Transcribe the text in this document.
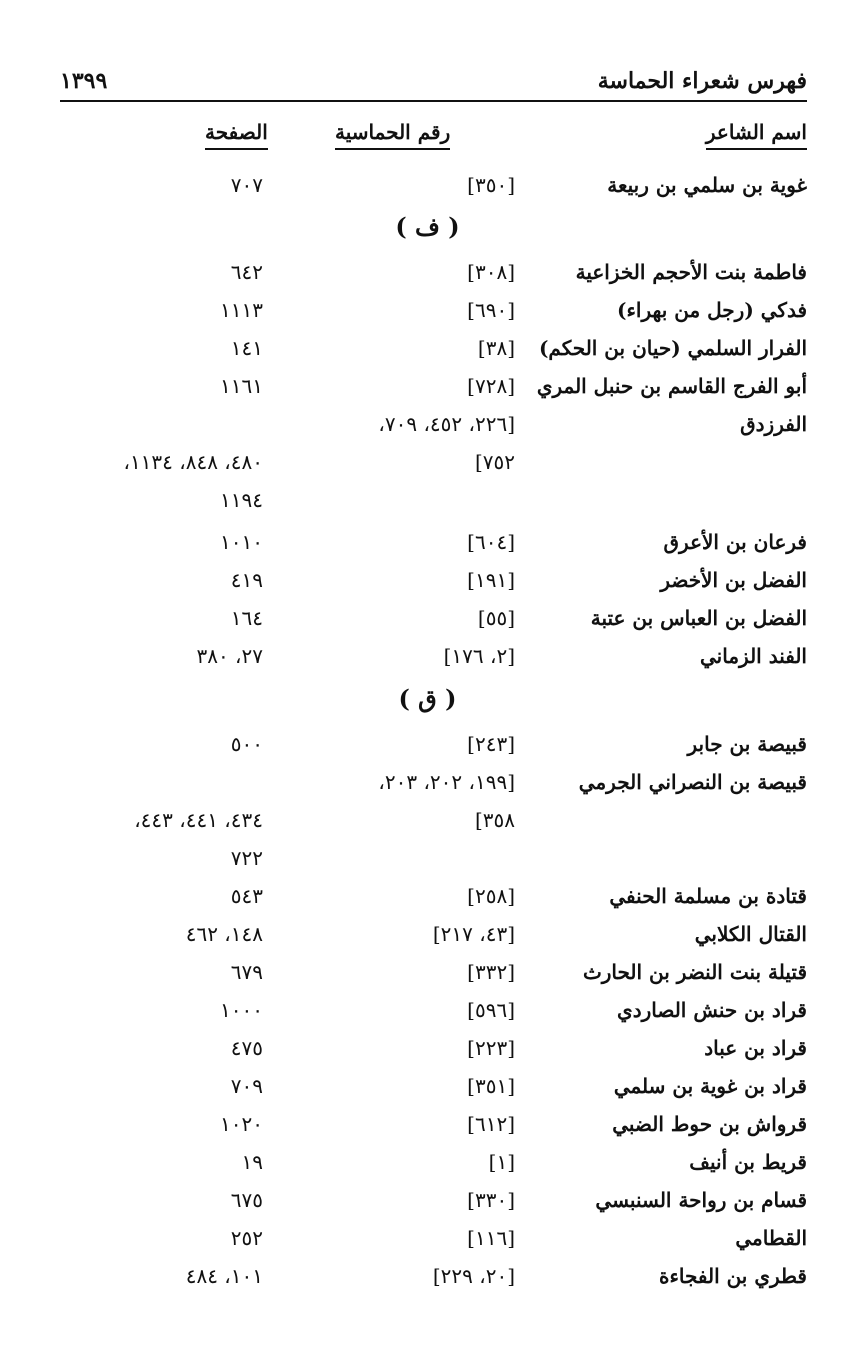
فهرس شعراء الحماسة
١٣٩٩
اسم الشاعر
رقم الحماسية
الصفحة
غوية بن سلمي بن ربيعة
[٣٥٠]
٧٠٧
( ف )
فاطمة بنت الأحجم الخزاعية
[٣٠٨]
٦٤٢
فدكي (رجل من بهراء)
[٦٩٠]
١١١٣
الفرار السلمي (حيان بن الحكم)
[٣٨]
١٤١
أبو الفرج القاسم بن حنبل المري
[٧٢٨]
١١٦١
الفرزدق
[٢٢٦، ٤٥٢، ٧٠٩،
٧٥٢]
٤٨٠، ٨٤٨، ١١٣٤،
١١٩٤
فرعان بن الأعرق
[٦٠٤]
١٠١٠
الفضل بن الأخضر
[١٩١]
٤١٩
الفضل بن العباس بن عتبة
[٥٥]
١٦٤
الفند الزماني
[٢، ١٧٦]
٢٧، ٣٨٠
( ق )
قبيصة بن جابر
[٢٤٣]
٥٠٠
قبيصة بن النصراني الجرمي
[١٩٩، ٢٠٢، ٢٠٣،
٣٥٨]
٤٣٤، ٤٤١، ٤٤٣،
٧٢٢
قتادة بن مسلمة الحنفي
[٢٥٨]
٥٤٣
القتال الكلابي
[٤٣، ٢١٧]
١٤٨، ٤٦٢
قتيلة بنت النضر بن الحارث
[٣٣٢]
٦٧٩
قراد بن حنش الصاردي
[٥٩٦]
١٠٠٠
قراد بن عباد
[٢٢٣]
٤٧٥
قراد بن غوية بن سلمي
[٣٥١]
٧٠٩
قرواش بن حوط الضبي
[٦١٢]
١٠٢٠
قريط بن أنيف
[١]
١٩
قسام بن رواحة السنبسي
[٣٣٠]
٦٧٥
القطامي
[١١٦]
٢٥٢
قطري بن الفجاءة
[٢٠، ٢٢٩]
١٠١، ٤٨٤
